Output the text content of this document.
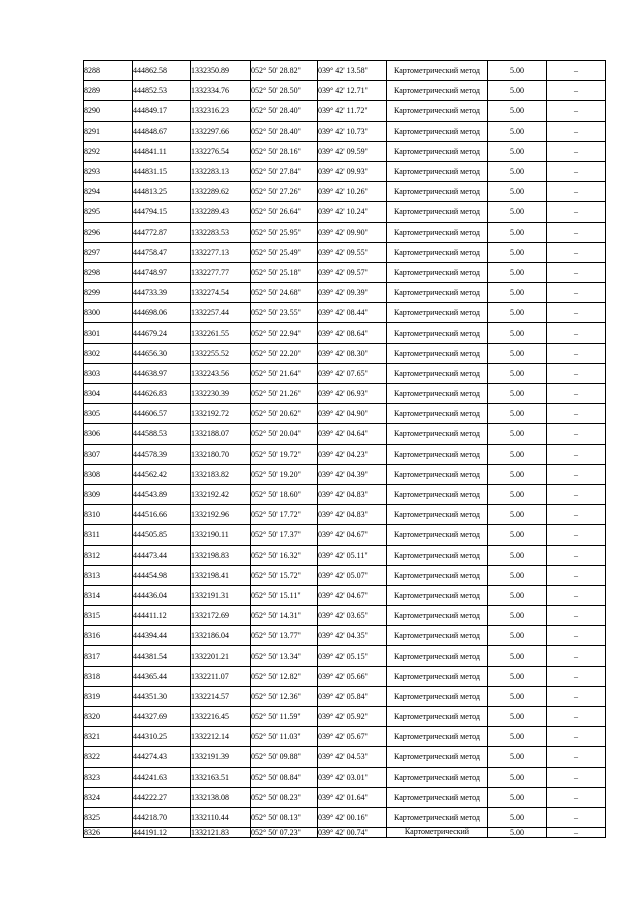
8288	444862.58	1332350.89	052° 50' 28.82"	039° 42' 13.58"	Картометрический метод	5.00	–
8289	444852.53	1332334.76	052° 50' 28.50"	039° 42' 12.71"	Картометрический метод	5.00	–
8290	444849.17	1332316.23	052° 50' 28.40"	039° 42' 11.72"	Картометрический метод	5.00	–
8291	444848.67	1332297.66	052° 50' 28.40"	039° 42' 10.73"	Картометрический метод	5.00	–
8292	444841.11	1332276.54	052° 50' 28.16"	039° 42' 09.59"	Картометрический метод	5.00	–
8293	444831.15	1332283.13	052° 50' 27.84"	039° 42' 09.93"	Картометрический метод	5.00	–
8294	444813.25	1332289.62	052° 50' 27.26"	039° 42' 10.26"	Картометрический метод	5.00	–
8295	444794.15	1332289.43	052° 50' 26.64"	039° 42' 10.24"	Картометрический метод	5.00	–
8296	444772.87	1332283.53	052° 50' 25.95"	039° 42' 09.90"	Картометрический метод	5.00	–
8297	444758.47	1332277.13	052° 50' 25.49"	039° 42' 09.55"	Картометрический метод	5.00	–
8298	444748.97	1332277.77	052° 50' 25.18"	039° 42' 09.57"	Картометрический метод	5.00	–
8299	444733.39	1332274.54	052° 50' 24.68"	039° 42' 09.39"	Картометрический метод	5.00	–
8300	444698.06	1332257.44	052° 50' 23.55"	039° 42' 08.44"	Картометрический метод	5.00	–
8301	444679.24	1332261.55	052° 50' 22.94"	039° 42' 08.64"	Картометрический метод	5.00	–
8302	444656.30	1332255.52	052° 50' 22.20"	039° 42' 08.30"	Картометрический метод	5.00	–
8303	444638.97	1332243.56	052° 50' 21.64"	039° 42' 07.65"	Картометрический метод	5.00	–
8304	444626.83	1332230.39	052° 50' 21.26"	039° 42' 06.93"	Картометрический метод	5.00	–
8305	444606.57	1332192.72	052° 50' 20.62"	039° 42' 04.90"	Картометрический метод	5.00	–
8306	444588.53	1332188.07	052° 50' 20.04"	039° 42' 04.64"	Картометрический метод	5.00	–
8307	444578.39	1332180.70	052° 50' 19.72"	039° 42' 04.23"	Картометрический метод	5.00	–
8308	444562.42	1332183.82	052° 50' 19.20"	039° 42' 04.39"	Картометрический метод	5.00	–
8309	444543.89	1332192.42	052° 50' 18.60"	039° 42' 04.83"	Картометрический метод	5.00	–
8310	444516.66	1332192.96	052° 50' 17.72"	039° 42' 04.83"	Картометрический метод	5.00	–
8311	444505.85	1332190.11	052° 50' 17.37"	039° 42' 04.67"	Картометрический метод	5.00	–
8312	444473.44	1332198.83	052° 50' 16.32"	039° 42' 05.11"	Картометрический метод	5.00	–
8313	444454.98	1332198.41	052° 50' 15.72"	039° 42' 05.07"	Картометрический метод	5.00	–
8314	444436.04	1332191.31	052° 50' 15.11"	039° 42' 04.67"	Картометрический метод	5.00	–
8315	444411.12	1332172.69	052° 50' 14.31"	039° 42' 03.65"	Картометрический метод	5.00	–
8316	444394.44	1332186.04	052° 50' 13.77"	039° 42' 04.35"	Картометрический метод	5.00	–
8317	444381.54	1332201.21	052° 50' 13.34"	039° 42' 05.15"	Картометрический метод	5.00	–
8318	444365.44	1332211.07	052° 50' 12.82"	039° 42' 05.66"	Картометрический метод	5.00	–
8319	444351.30	1332214.57	052° 50' 12.36"	039° 42' 05.84"	Картометрический метод	5.00	–
8320	444327.69	1332216.45	052° 50' 11.59"	039° 42' 05.92"	Картометрический метод	5.00	–
8321	444310.25	1332212.14	052° 50' 11.03"	039° 42' 05.67"	Картометрический метод	5.00	–
8322	444274.43	1332191.39	052° 50' 09.88"	039° 42' 04.53"	Картометрический метод	5.00	–
8323	444241.63	1332163.51	052° 50' 08.84"	039° 42' 03.01"	Картометрический метод	5.00	–
8324	444222.27	1332138.08	052° 50' 08.23"	039° 42' 01.64"	Картометрический метод	5.00	–
8325	444218.70	1332110.44	052° 50' 08.13"	039° 42' 00.16"	Картометрический метод	5.00	–
8326	444191.12	1332121.83	052° 50' 07.23"	039° 42' 00.74"	Картометрический	5.00	–
